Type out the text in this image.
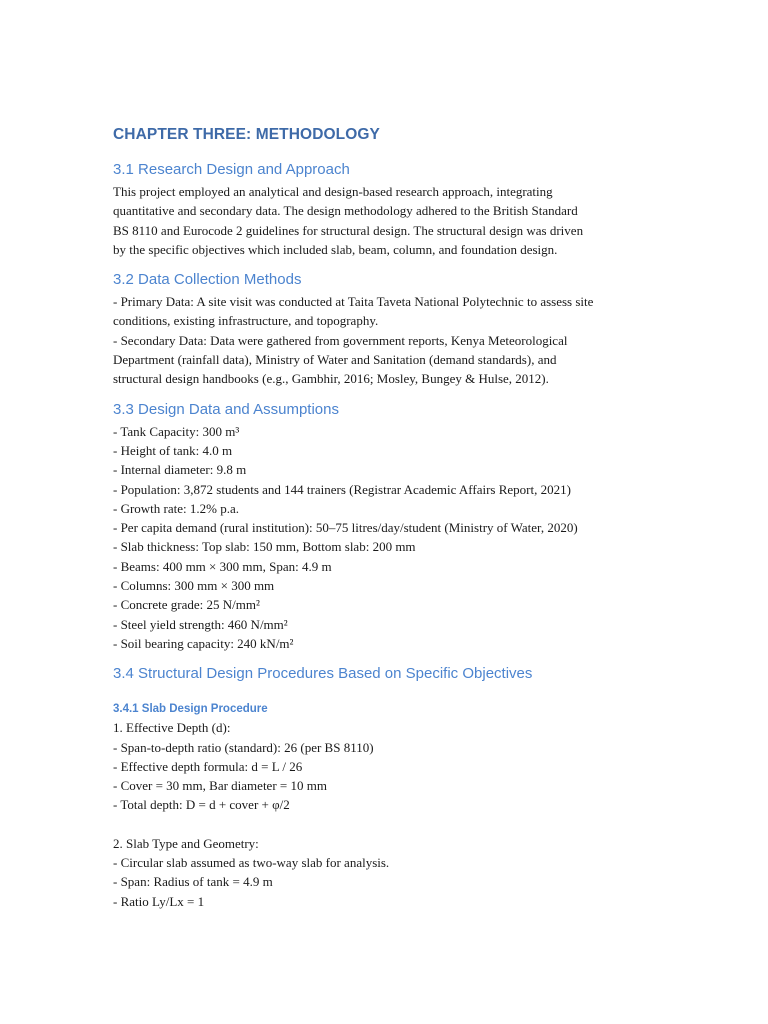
CHAPTER THREE: METHODOLOGY
3.1 Research Design and Approach

This project employed an analytical and design-based research approach, integrating

quantitative and secondary data. The design methodology adhered to the British Standard

BS 8110 and Eurocode 2 guidelines for structural design. The structural design was driven

by the specific objectives which included slab, beam, column, and foundation design.

3.2 Data Collection Methods

- Primary Data: A site visit was conducted at Taita Taveta National Polytechnic to assess site

conditions, existing infrastructure, and topography.

- Secondary Data: Data were gathered from government reports, Kenya Meteorological

Department (rainfall data), Ministry of Water and Sanitation (demand standards), and

structural design handbooks (e.g., Gambhir, 2016; Mosley, Bungey & Hulse, 2012).

3.3 Design Data and Assumptions

- Tank Capacity: 300 m³

- Height of tank: 4.0 m

- Internal diameter: 9.8 m

- Population: 3,872 students and 144 trainers (Registrar Academic Affairs Report, 2021)

- Growth rate: 1.2% p.a.

- Per capita demand (rural institution): 50–75 litres/day/student (Ministry of Water, 2020)

- Slab thickness: Top slab: 150 mm, Bottom slab: 200 mm

- Beams: 400 mm × 300 mm, Span: 4.9 m

- Columns: 300 mm × 300 mm

- Concrete grade: 25 N/mm²

- Steel yield strength: 460 N/mm²

- Soil bearing capacity: 240 kN/m²

3.4 Structural Design Procedures Based on Specific Objectives
3.4.1 Slab Design Procedure

1. Effective Depth (d):

- Span-to-depth ratio (standard): 26 (per BS 8110)

- Effective depth formula: d = L / 26

- Cover = 30 mm, Bar diameter = 10 mm

- Total depth: D = d + cover + φ/2

2. Slab Type and Geometry:

- Circular slab assumed as two-way slab for analysis.

- Span: Radius of tank = 4.9 m

- Ratio Ly/Lx = 1
